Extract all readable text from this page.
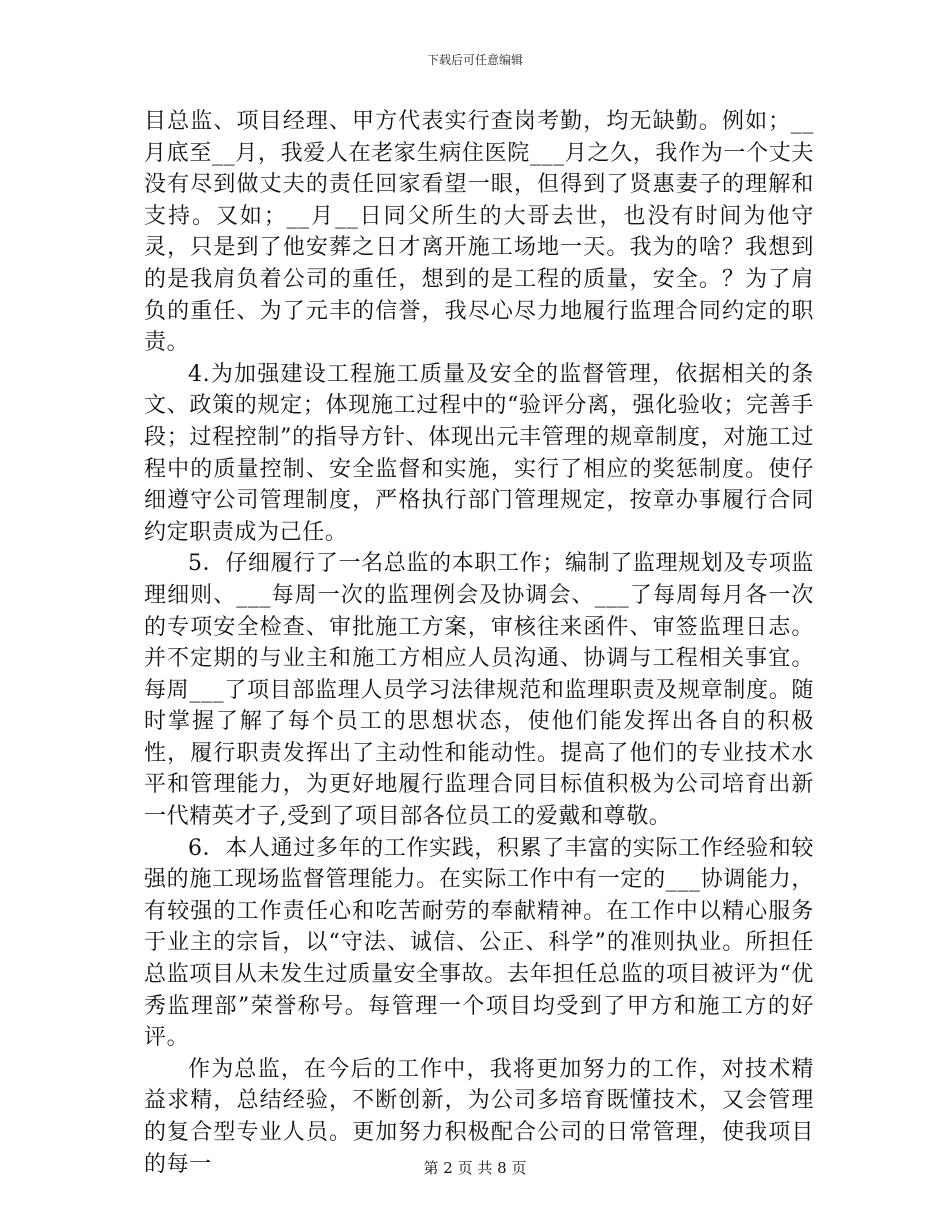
下载后可任意编辑

目总监、项目经理、甲方代表实行查岗考勤，均无缺勤。例如；__月底至__月，我爱人在老家生病住医院___月之久，我作为一个丈夫没有尽到做丈夫的责任回家看望一眼，但得到了贤惠妻子的理解和支持。又如；__月__日同父所生的大哥去世，也没有时间为他守灵，只是到了他安葬之日才离开施工场地一天。我为的啥？我想到的是我肩负着公司的重任，想到的是工程的质量，安全。？为了肩负的重任、为了元丰的信誉，我尽心尽力地履行监理合同约定的职责。

4.为加强建设工程施工质量及安全的监督管理，依据相关的条文、政策的规定；体现施工过程中的“验评分离，强化验收；完善手段；过程控制”的指导方针、体现出元丰管理的规章制度，对施工过程中的质量控制、安全监督和实施，实行了相应的奖惩制度。使仔细遵守公司管理制度，严格执行部门管理规定，按章办事履行合同约定职责成为己任。

5．仔细履行了一名总监的本职工作；编制了监理规划及专项监理细则、___每周一次的监理例会及协调会、___了每周每月各一次的专项安全检查、审批施工方案，审核往来函件、审签监理日志。并不定期的与业主和施工方相应人员沟通、协调与工程相关事宜。每周___了项目部监理人员学习法律规范和监理职责及规章制度。随时掌握了解了每个员工的思想状态，使他们能发挥出各自的积极性，履行职责发挥出了主动性和能动性。提高了他们的专业技术水平和管理能力，为更好地履行监理合同目标值积极为公司培育出新一代精英才子,受到了项目部各位员工的爱戴和尊敬。

6．本人通过多年的工作实践，积累了丰富的实际工作经验和较强的施工现场监督管理能力。在实际工作中有一定的___协调能力，有较强的工作责任心和吃苦耐劳的奉献精神。在工作中以精心服务于业主的宗旨，以“守法、诚信、公正、科学”的准则执业。所担任总监项目从未发生过质量安全事故。去年担任总监的项目被评为“优秀监理部”荣誉称号。每管理一个项目均受到了甲方和施工方的好评。

作为总监，在今后的工作中，我将更加努力的工作，对技术精益求精，总结经验，不断创新，为公司多培育既懂技术，又会管理的复合型专业人员。更加努力积极配合公司的日常管理，使我项目的每一	第 2 页 共 8 页
